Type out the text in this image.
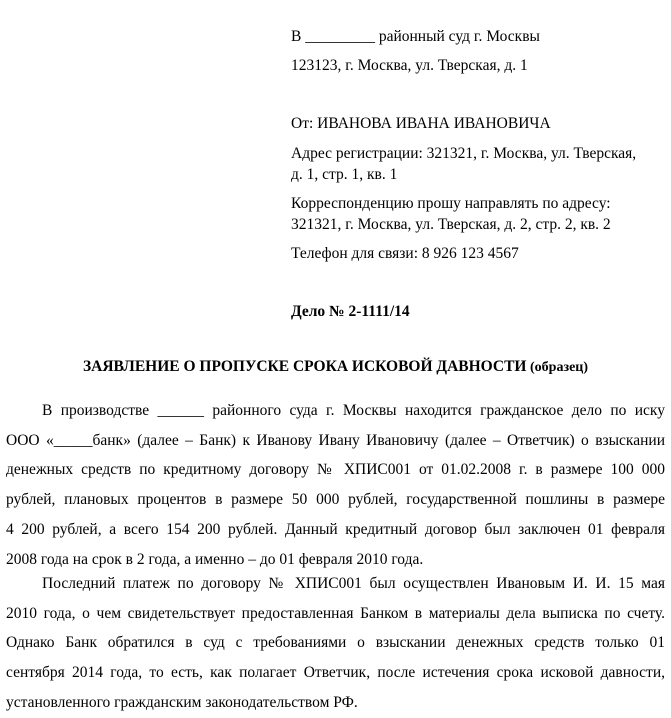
В _________ районный суд г. Москвы
123123, г. Москва, ул. Тверская, д. 1
От: ИВАНОВА ИВАНА ИВАНОВИЧА
Адрес регистрации: 321321, г. Москва, ул. Тверская,
д. 1, стр. 1, кв. 1
Корреспонденцию прошу направлять по адресу:
321321, г. Москва, ул. Тверская, д. 2, стр. 2, кв. 2
Телефон для связи: 8 926 123 4567
Дело № 2-1111/14
ЗАЯВЛЕНИЕ О ПРОПУСКЕ СРОКА ИСКОВОЙ ДАВНОСТИ (образец)
В производстве ______ районного суда г. Москвы находится гражданское дело по иску
ООО «_____банк» (далее – Банк) к Иванову Ивану Ивановичу (далее – Ответчик) о взыскании
денежных средств по кредитному договору № ХПИС001 от 01.02.2008 г. в размере 100 000
рублей, плановых процентов в размере 50 000 рублей, государственной пошлины в размере
4 200 рублей, а всего 154 200 рублей. Данный кредитный договор был заключен 01 февраля
2008 года на срок в 2 года, а именно – до 01 февраля 2010 года.
Последний платеж по договору № ХПИС001 был осуществлен Ивановым И. И. 15 мая
2010 года, о чем свидетельствует предоставленная Банком в материалы дела выписка по счету.
Однако Банк обратился в суд с требованиями о взыскании денежных средств только 01
сентября 2014 года, то есть, как полагает Ответчик, после истечения срока исковой давности,
установленного гражданским законодательством РФ.
